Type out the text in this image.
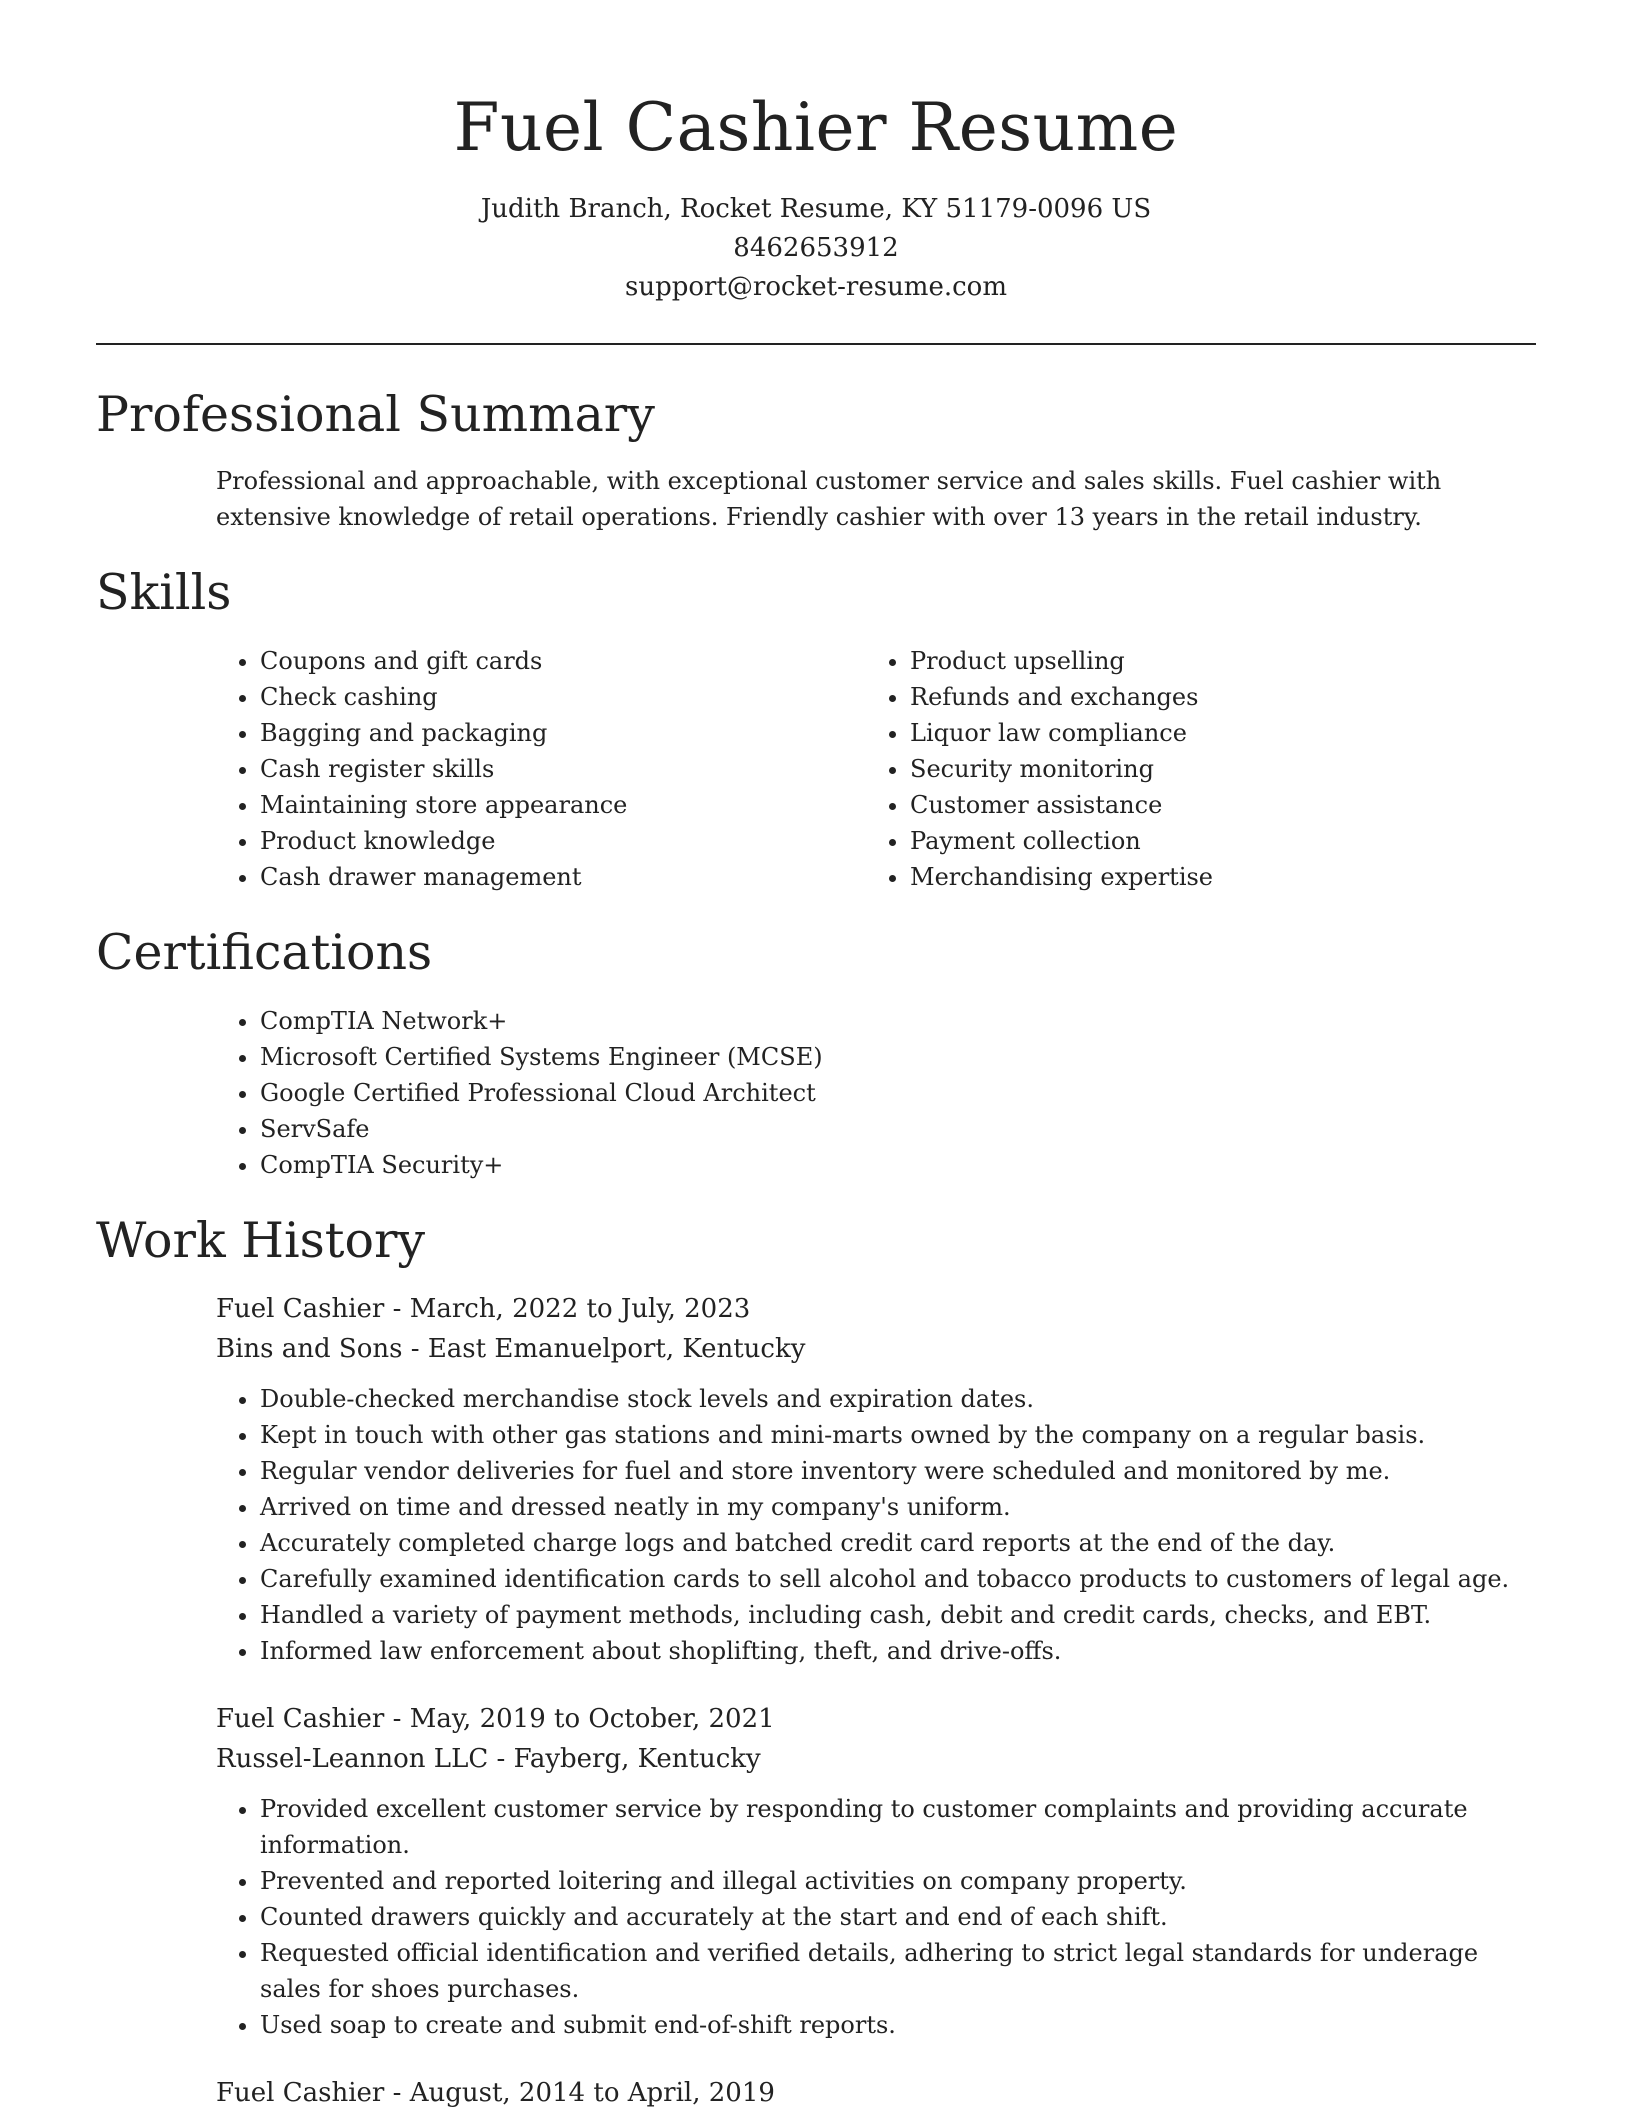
Fuel Cashier Resume
Judith Branch, Rocket Resume, KY 51179-0096 US
8462653912
support@rocket-resume.com
Professional Summary

Professional and approachable, with exceptional customer service and sales skills. Fuel cashier with extensive knowledge of retail operations. Friendly cashier with over 13 years in the retail industry.

Skills
• Coupons and gift cards
• Check cashing
• Bagging and packaging
• Cash register skills
• Maintaining store appearance
• Product knowledge
• Cash drawer management
• Product upselling
• Refunds and exchanges
• Liquor law compliance
• Security monitoring
• Customer assistance
• Payment collection
• Merchandising expertise
Certifications
• CompTIA Network+
• Microsoft Certified Systems Engineer (MCSE)
• Google Certified Professional Cloud Architect
• ServSafe
• CompTIA Security+
Work History
Fuel Cashier - March, 2022 to July, 2023
Bins and Sons - East Emanuelport, Kentucky
• Double-checked merchandise stock levels and expiration dates.
• Kept in touch with other gas stations and mini-marts owned by the company on a regular basis.
• Regular vendor deliveries for fuel and store inventory were scheduled and monitored by me.
• Arrived on time and dressed neatly in my company's uniform.
• Accurately completed charge logs and batched credit card reports at the end of the day.
• Carefully examined identification cards to sell alcohol and tobacco products to customers of legal age.
• Handled a variety of payment methods, including cash, debit and credit cards, checks, and EBT.
• Informed law enforcement about shoplifting, theft, and drive-offs.
Fuel Cashier - May, 2019 to October, 2021
Russel-Leannon LLC - Fayberg, Kentucky
• Provided excellent customer service by responding to customer complaints and providing accurate information.
• Prevented and reported loitering and illegal activities on company property.
• Counted drawers quickly and accurately at the start and end of each shift.
• Requested official identification and verified details, adhering to strict legal standards for underage sales for shoes purchases.
• Used soap to create and submit end-of-shift reports.
Fuel Cashier - August, 2014 to April, 2019
